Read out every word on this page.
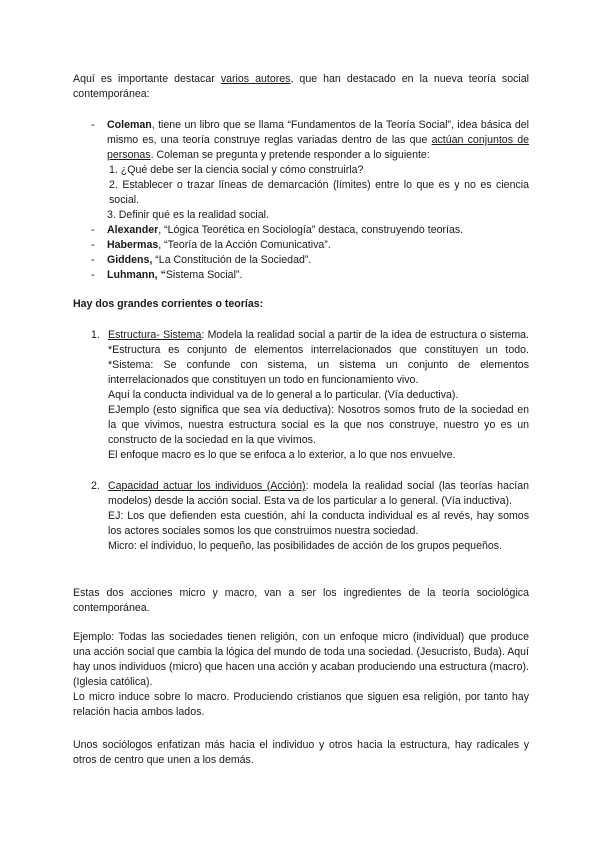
Aquí es importante destacar varios autores, que han destacado en la nueva teoría social contemporánea:

- Coleman, tiene un libro que se llama “Fundamentos de la Teoría Social”, idea básica del mismo es, una teoría construye reglas variadas dentro de las que actúan conjuntos de personas. Coleman se pregunta y pretende responder a lo siguiente:
1. ¿Qué debe ser la ciencia social y cómo construirla?
2. Establecer o trazar líneas de demarcación (límites) entre lo que es y no es ciencia social.
3. Definir qué es la realidad social.
- Alexander, “Lógica Teorética en Sociología” destaca, construyendo teorías.
- Habermas, “Teoría de la Acción Comunicativa”.
- Giddens, “La Constitución de la Sociedad”.
- Luhmann, “Sistema Social”.

Hay dos grandes corrientes o teorías:

1. Estructura- Sistema: Modela la realidad social a partir de la idea de estructura o sistema. *Estructura es conjunto de elementos interrelacionados que constituyen un todo. *Sistema: Se confunde con sistema, un sistema un conjunto de elementos interrelacionados que constituyen un todo en funcionamiento vivo.
Aquí la conducta individual va de lo general a lo particular. (Vía deductiva).
EJemplo (esto significa que sea vía deductiva): Nosotros somos fruto de la sociedad en la que vivimos, nuestra estructura social es la que nos construye, nuestro yo es un constructo de la sociedad en la que vivimos.
El enfoque macro es lo que se enfoca a lo exterior, a lo que nos envuelve.
2. Capacidad actuar los individuos (Acción): modela la realidad social (las teorías hacían modelos) desde la acción social. Esta va de los particular a lo general. (Vía inductiva).
EJ: Los que defienden esta cuestión, ahí la conducta individual es al revés, hay somos los actores sociales somos los que construimos nuestra sociedad.
Micro: el individuo, lo pequeño, las posibilidades de acción de los grupos pequeños.

Estas dos acciones micro y macro, van a ser los ingredientes de la teoría sociológica contemporánea.

Ejemplo: Todas las sociedades tienen religión, con un enfoque micro (individual) que produce una acción social que cambia la lógica del mundo de toda una sociedad. (Jesucristo, Buda). Aquí hay unos individuos (micro) que hacen una acción y acaban produciendo una estructura (macro). (Iglesia católica).

Lo micro induce sobre lo macro. Produciendo cristianos que siguen esa religión, por tanto hay relación hacia ambos lados.

Unos sociólogos enfatizan más hacia el individuo y otros hacia la estructura, hay radicales y otros de centro que unen a los demás.
